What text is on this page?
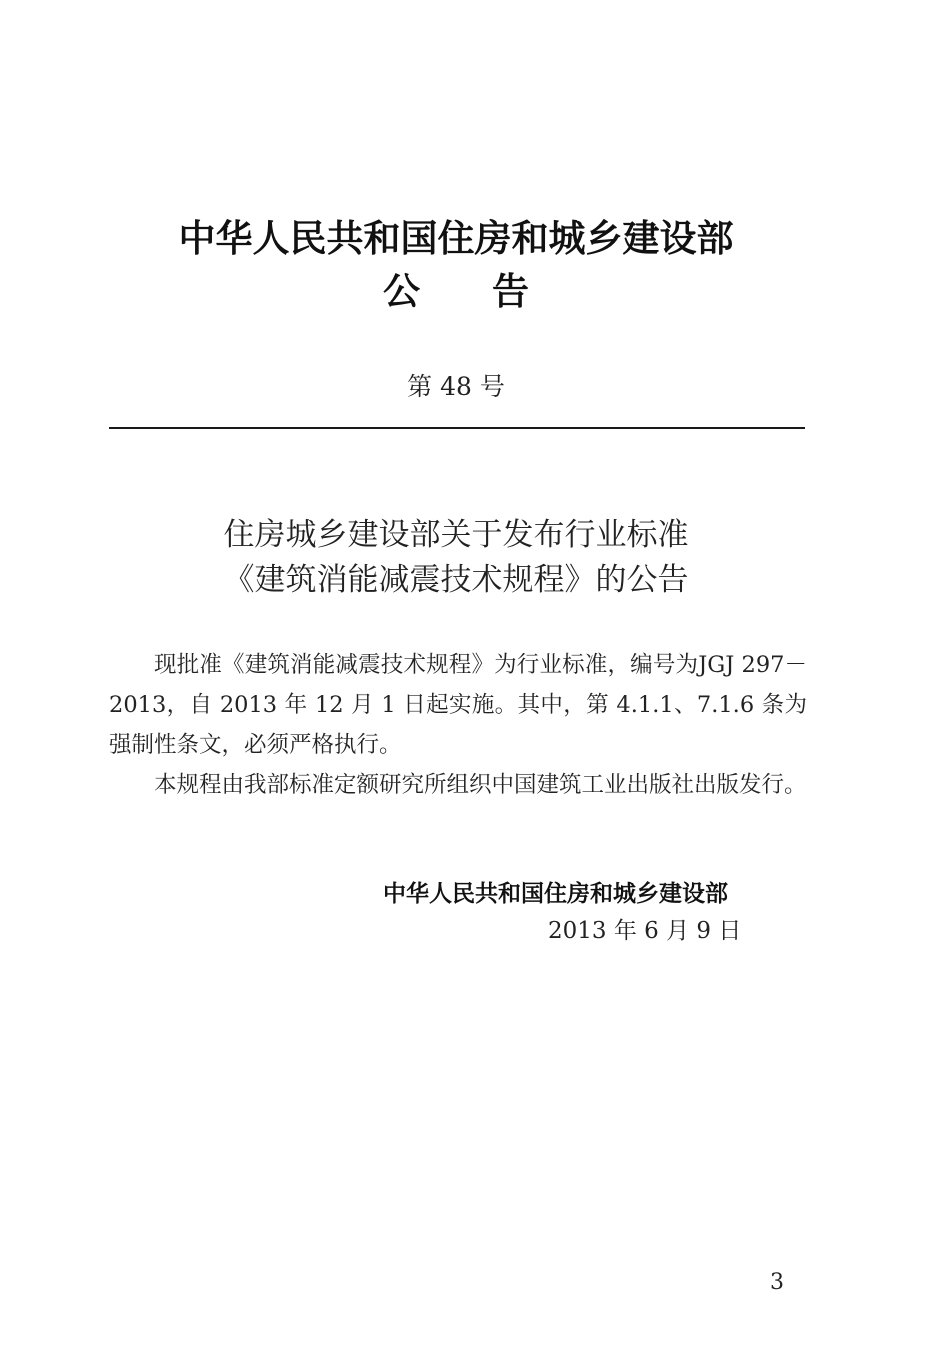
中华人民共和国住房和城乡建设部
公 告
第 48 号
住房城乡建设部关于发布行业标准
《建筑消能减震技术规程》的公告

现批准《建筑消能减震技术规程》为行业标准，编号为JGJ 297－2013，自 2013 年 12 月 1 日起实施。其中，第 4.1.1、7.1.6 条为强制性条文，必须严格执行。

本规程由我部标准定额研究所组织中国建筑工业出版社出版发行。

中华人民共和国住房和城乡建设部
2013 年 6 月 9 日
3
